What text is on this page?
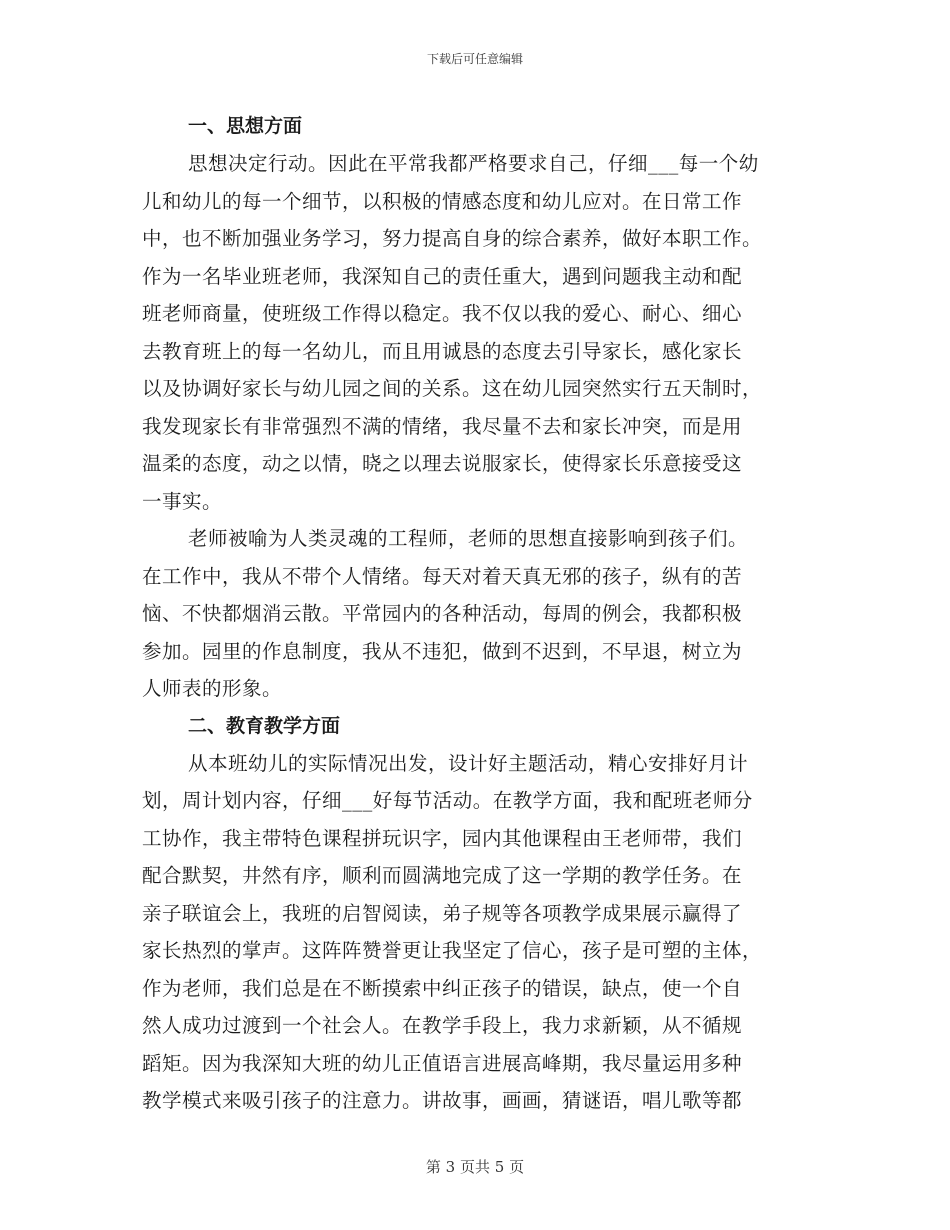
下载后可任意编辑
一、思想方面

思想决定行动。因此在平常我都严格要求自己，仔细___每一个幼
儿和幼儿的每一个细节，以积极的情感态度和幼儿应对。在日常工作
中，也不断加强业务学习，努力提高自身的综合素养，做好本职工作。
作为一名毕业班老师，我深知自己的责任重大，遇到问题我主动和配
班老师商量，使班级工作得以稳定。我不仅以我的爱心、耐心、细心
去教育班上的每一名幼儿，而且用诚恳的态度去引导家长，感化家长
以及协调好家长与幼儿园之间的关系。这在幼儿园突然实行五天制时，
我发现家长有非常强烈不满的情绪，我尽量不去和家长冲突，而是用
温柔的态度，动之以情，晓之以理去说服家长，使得家长乐意接受这
一事实。

老师被喻为人类灵魂的工程师，老师的思想直接影响到孩子们。
在工作中，我从不带个人情绪。每天对着天真无邪的孩子，纵有的苦
恼、不快都烟消云散。平常园内的各种活动，每周的例会，我都积极
参加。园里的作息制度，我从不违犯，做到不迟到，不早退，树立为
人师表的形象。

二、教育教学方面

从本班幼儿的实际情况出发，设计好主题活动，精心安排好月计
划，周计划内容，仔细___好每节活动。在教学方面，我和配班老师分
工协作，我主带特色课程拼玩识字，园内其他课程由王老师带，我们
配合默契，井然有序，顺利而圆满地完成了这一学期的教学任务。在
亲子联谊会上，我班的启智阅读，弟子规等各项教学成果展示赢得了
家长热烈的掌声。这阵阵赞誉更让我坚定了信心，孩子是可塑的主体，
作为老师，我们总是在不断摸索中纠正孩子的错误，缺点，使一个自
然人成功过渡到一个社会人。在教学手段上，我力求新颖，从不循规
蹈矩。因为我深知大班的幼儿正值语言进展高峰期，我尽量运用多种
教学模式来吸引孩子的注意力。讲故事，画画，猜谜语，唱儿歌等都

第 3 页共 5 页
